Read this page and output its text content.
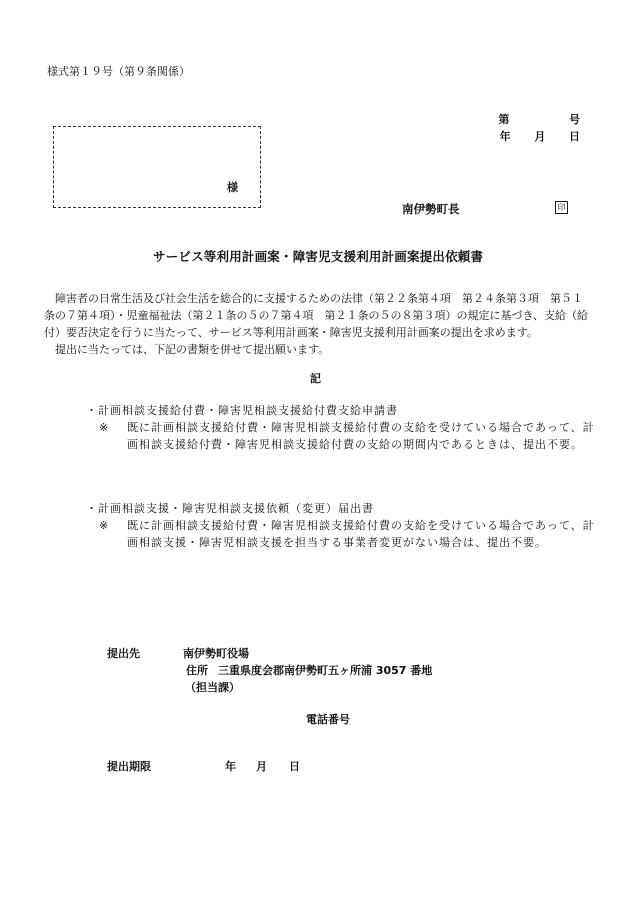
様式第１９号（第９条関係）
第	号
年 月 日
様
南伊勢町長	印
サービス等利用計画案・障害児支援利用計画案提出依頼書

障害者の日常生活及び社会生活を総合的に支援するための法律（第２２条第４項　第２４条第３項　第５１条の７第４項）・児童福祉法（第２１条の５の７第４項　第２１条の５の８第３項）の規定に基づき、支給（給付）要否決定を行うに当たって、サービス等利用計画案・障害児支援利用計画案の提出を求めます。

提出に当たっては、下記の書類を併せて提出願います。

記
・計画相談支援給付費・障害児相談支援給付費支給申請書
※	既に計画相談支援給付費・障害児相談支援給付費の支給を受けている場合であって、計画相談支援給付費・障害児相談支援給付費の支給の期間内であるときは、提出不要。
・計画相談支援・障害児相談支援依頼（変更）届出書
※	既に計画相談支援給付費・障害児相談支援給付費の支給を受けている場合であって、計画相談支援・障害児相談支援を担当する事業者変更がない場合は、提出不要。
提出先	南伊勢町役場
住所 三重県度会郡南伊勢町五ヶ所浦 3057 番地
（担当課）
電話番号
提出期限	年 月 日
